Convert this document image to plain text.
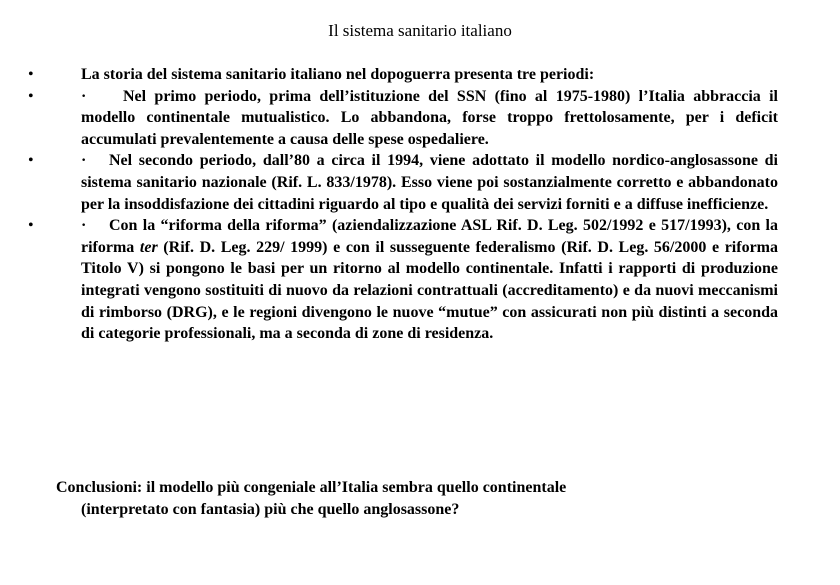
Il sistema sanitario italiano
•	La storia del sistema sanitario italiano nel dopoguerra presenta tre periodi:
•	· Nel primo periodo, prima dell’istituzione del SSN (fino al 1975-1980) l’Italia abbraccia il modello continentale mutualistico. Lo abbandona, forse troppo frettolosamente, per i deficit accumulati prevalentemente a causa delle spese ospedaliere.
•	· Nel secondo periodo, dall’80 a circa il 1994, viene adottato il modello nordico-anglosassone di sistema sanitario nazionale (Rif. L. 833/1978). Esso viene poi sostanzialmente corretto e abbandonato per la insoddisfazione dei cittadini riguardo al tipo e qualità dei servizi forniti e a diffuse inefficienze.
•	· Con la “riforma della riforma” (aziendalizzazione ASL Rif. D. Leg. 502/1992 e 517/1993), con la riforma ter (Rif. D. Leg. 229/ 1999) e con il susseguente federalismo (Rif. D. Leg. 56/2000 e riforma Titolo V) si pongono le basi per un ritorno al modello continentale. Infatti i rapporti di produzione integrati vengono sostituiti di nuovo da relazioni contrattuali (accreditamento) e da nuovi meccanismi di rimborso (DRG), e le regioni divengono le nuove “mutue” con assicurati non più distinti a seconda di categorie professionali, ma a seconda di zone di residenza.
Conclusioni: il modello più congeniale all’Italia sembra quello continentale
(interpretato con fantasia) più che quello anglosassone?
